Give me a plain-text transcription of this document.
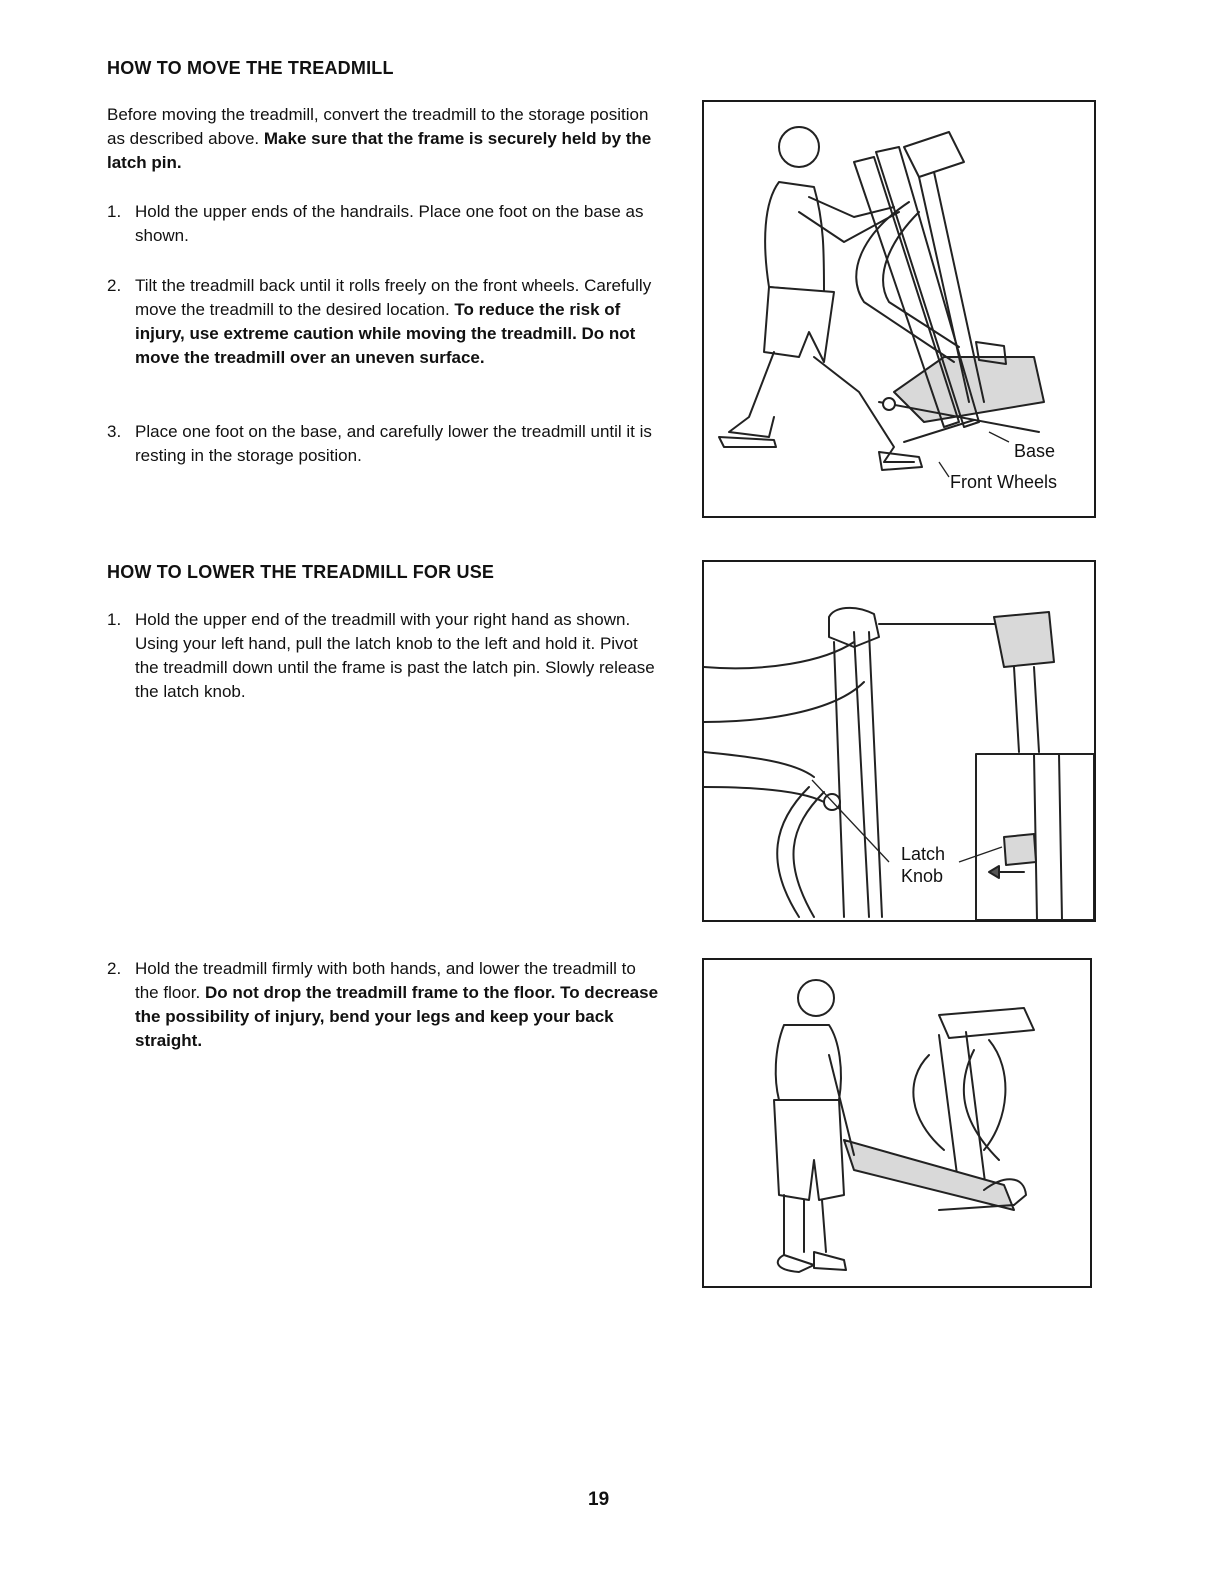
HOW TO MOVE THE TREADMILL
Before moving the treadmill, convert the treadmill to the storage position as described above. Make sure that the frame is securely held by the latch pin.
1. Hold the upper ends of the handrails. Place one foot on the base as shown.
2. Tilt the treadmill back until it rolls freely on the front wheels. Carefully move the treadmill to the desired location. To reduce the risk of injury, use extreme caution while moving the treadmill. Do not move the treadmill over an uneven surface.
3. Place one foot on the base, and carefully lower the treadmill until it is resting in the storage position.	Base
Front Wheels
HOW TO LOWER THE TREADMILL FOR USE
1. Hold the upper end of the treadmill with your right hand as shown. Using your left hand, pull the latch knob to the left and hold it. Pivot the treadmill down until the frame is past the latch pin. Slowly release the latch knob.
Latch
Knob
2. Hold the treadmill firmly with both hands, and lower the treadmill to the floor. Do not drop the treadmill frame to the floor. To decrease the possibility of injury, bend your legs and keep your back straight.
19
